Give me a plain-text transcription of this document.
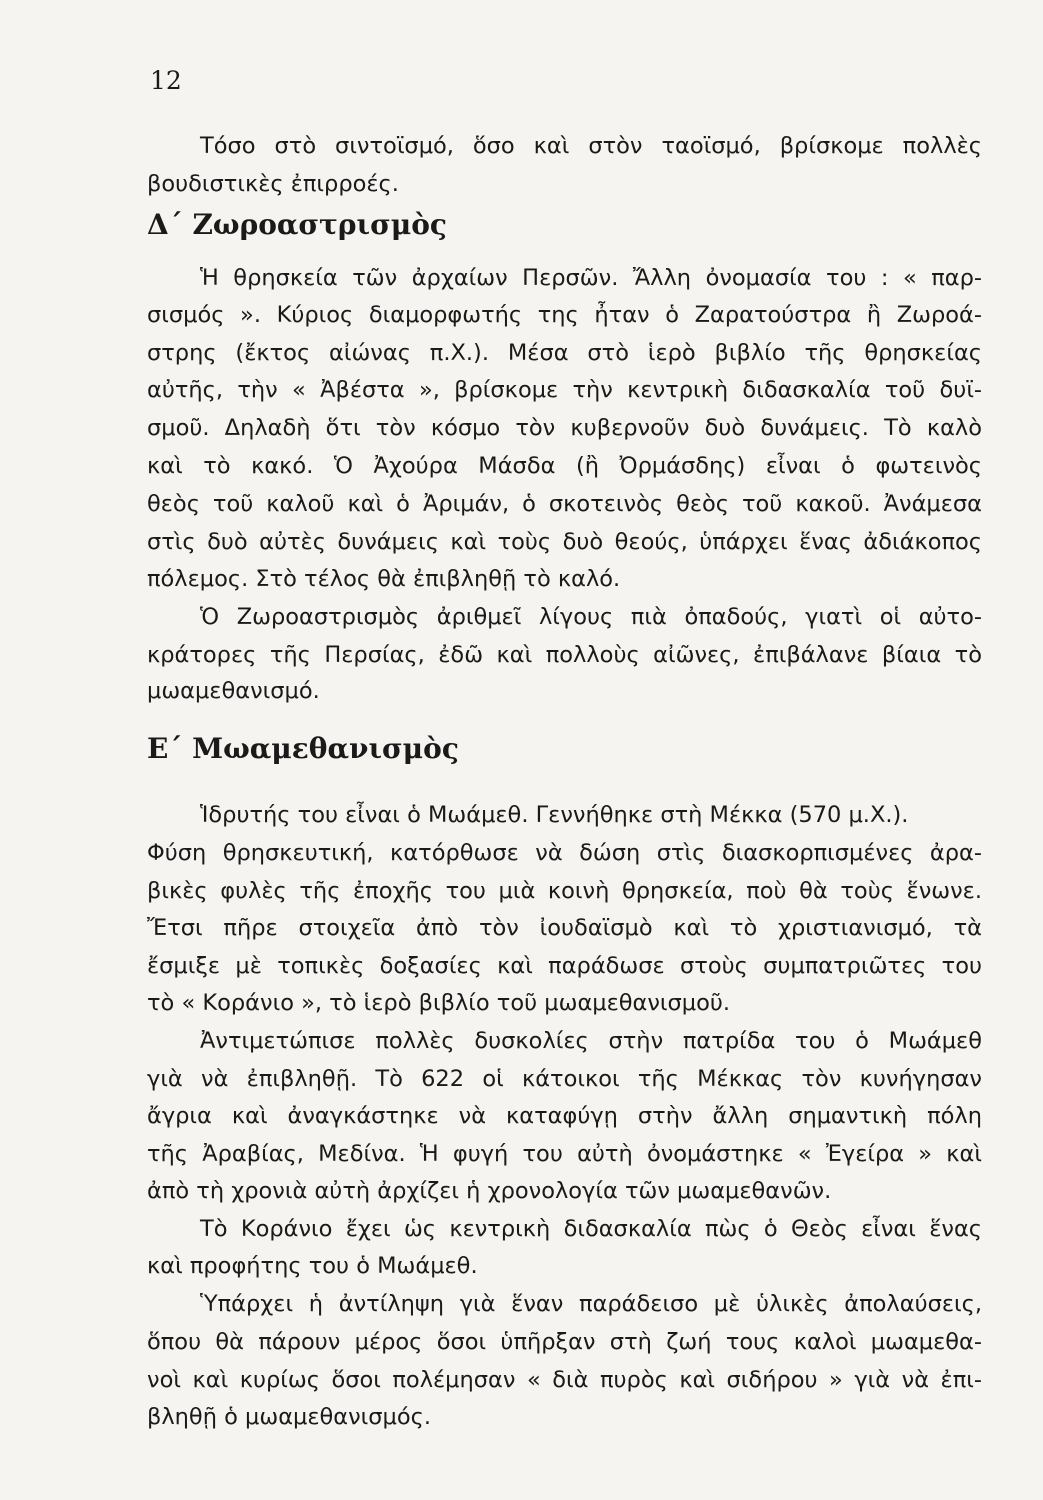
12
Τόσο στὸ σιντοϊσμό, ὅσο καὶ στὸν ταοϊσμό, βρίσκομε πολλὲς
βουδιστικὲς ἐπιρροές.
Δ΄ Ζωροαστρισμὸς
Ἡ θρησκεία τῶν ἀρχαίων Περσῶν. Ἄλλη ὀνομασία του : « παρ-
σισμός ». Κύριος διαμορφωτής της ἦταν ὁ Ζαρατούστρα ἢ Ζωροά-
στρης (ἔκτος αἰώνας π.Χ.). Μέσα στὸ ἱερὸ βιβλίο τῆς θρησκείας
αὐτῆς, τὴν « Ἀβέστα », βρίσκομε τὴν κεντρικὴ διδασκαλία τοῦ δυϊ-
σμοῦ. Δηλαδὴ ὅτι τὸν κόσμο τὸν κυβερνοῦν δυὸ δυνάμεις. Τὸ καλὸ
καὶ τὸ κακό. Ὁ Ἀχούρα Μάσδα (ἢ Ὀρμάσδης) εἶναι ὁ φωτεινὸς
θεὸς τοῦ καλοῦ καὶ ὁ Ἀριμάν, ὁ σκοτεινὸς θεὸς τοῦ κακοῦ. Ἀνάμεσα
στὶς δυὸ αὐτὲς δυνάμεις καὶ τοὺς δυὸ θεούς, ὑπάρχει ἕνας ἀδιάκοπος
πόλεμος. Στὸ τέλος θὰ ἐπιβληθῇ τὸ καλό.
Ὁ Ζωροαστρισμὸς ἀριθμεῖ λίγους πιὰ ὀπαδούς, γιατὶ οἱ αὐτο-
κράτορες τῆς Περσίας, ἐδῶ καὶ πολλοὺς αἰῶνες, ἐπιβάλανε βίαια τὸ
μωαμεθανισμό.
Ε΄ Μωαμεθανισμὸς
Ἱδρυτής του εἶναι ὁ Μωάμεθ. Γεννήθηκε στὴ Μέκκα (570 μ.Χ.).
Φύση θρησκευτική, κατόρθωσε νὰ δώση στὶς διασκορπισμένες ἀρα-
βικὲς φυλὲς τῆς ἐποχῆς του μιὰ κοινὴ θρησκεία, ποὺ θὰ τοὺς ἕνωνε.
Ἔτσι πῆρε στοιχεῖα ἀπὸ τὸν ἰουδαϊσμὸ καὶ τὸ χριστιανισμό, τὰ
ἔσμιξε μὲ τοπικὲς δοξασίες καὶ παράδωσε στοὺς συμπατριῶτες του
τὸ « Κοράνιο », τὸ ἱερὸ βιβλίο τοῦ μωαμεθανισμοῦ.
Ἀντιμετώπισε πολλὲς δυσκολίες στὴν πατρίδα του ὁ Μωάμεθ
γιὰ νὰ ἐπιβληθῇ. Τὸ 622 οἱ κάτοικοι τῆς Μέκκας τὸν κυνήγησαν
ἄγρια καὶ ἀναγκάστηκε νὰ καταφύγῃ στὴν ἄλλη σημαντικὴ πόλη
τῆς Ἀραβίας, Μεδίνα. Ἡ φυγή του αὐτὴ ὀνομάστηκε « Ἐγείρα » καὶ
ἀπὸ τὴ χρονιὰ αὐτὴ ἀρχίζει ἡ χρονολογία τῶν μωαμεθανῶν.
Τὸ Κοράνιο ἔχει ὡς κεντρικὴ διδασκαλία πὼς ὁ Θεὸς εἶναι ἕνας
καὶ προφήτης του ὁ Μωάμεθ.
Ὑπάρχει ἡ ἀντίληψη γιὰ ἕναν παράδεισο μὲ ὑλικὲς ἀπολαύσεις,
ὅπου θὰ πάρουν μέρος ὅσοι ὑπῆρξαν στὴ ζωή τους καλοὶ μωαμεθα-
νοὶ καὶ κυρίως ὅσοι πολέμησαν « διὰ πυρὸς καὶ σιδήρου » γιὰ νὰ ἐπι-
βληθῇ ὁ μωαμεθανισμός.
